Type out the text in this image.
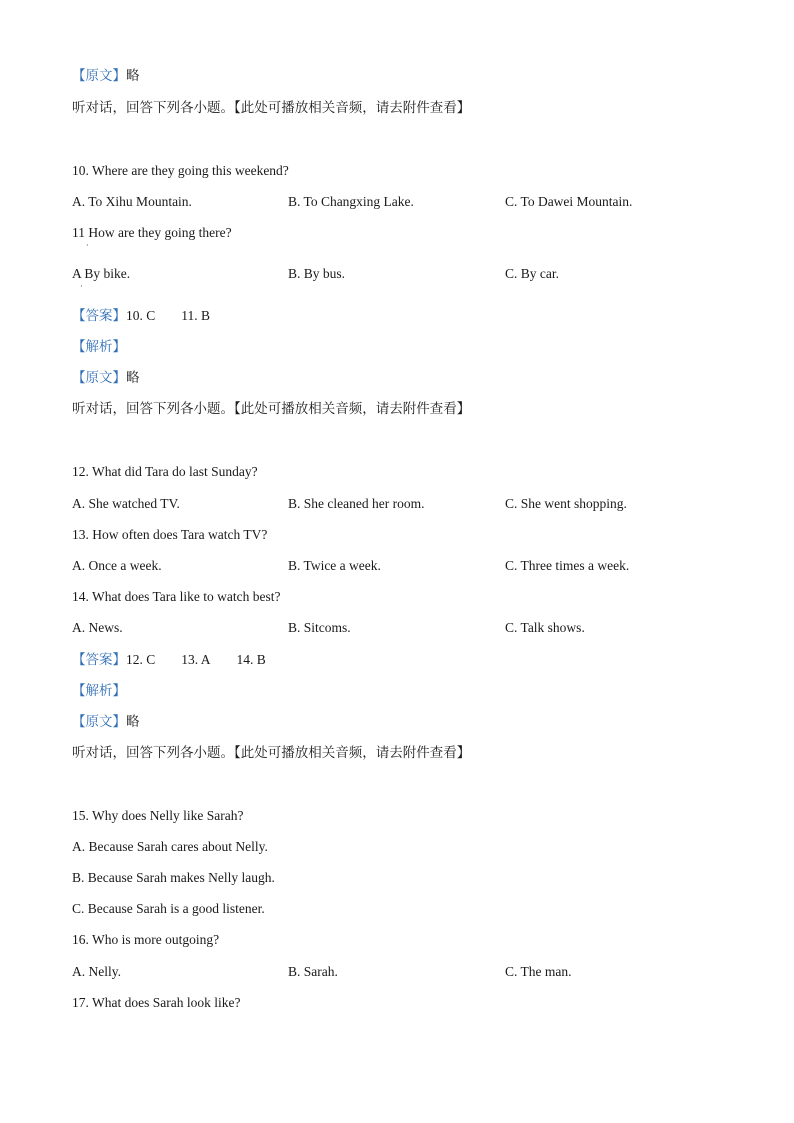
【原文】略
听对话，回答下列各小题。【此处可播放相关音频，请去附件查看】
10. Where are they going this weekend?
A. To Xihu Mountain.	B. To Changxing Lake.	C. To Dawei Mountain.
11 How are they going there?
·
A By bike.	B. By bus.	C. By car.
·
【答案】10. C 11. B
【解析】
【原文】略
听对话，回答下列各小题。【此处可播放相关音频，请去附件查看】
12. What did Tara do last Sunday?
A. She watched TV.	B. She cleaned her room.	C. She went shopping.
13. How often does Tara watch TV?
A. Once a week.	B. Twice a week.	C. Three times a week.
14. What does Tara like to watch best?
A. News.	B. Sitcoms.	C. Talk shows.
【答案】12. C 13. A 14. B
【解析】
【原文】略
听对话，回答下列各小题。【此处可播放相关音频，请去附件查看】
15. Why does Nelly like Sarah?
A. Because Sarah cares about Nelly.
B. Because Sarah makes Nelly laugh.
C. Because Sarah is a good listener.
16. Who is more outgoing?
A. Nelly.	B. Sarah.	C. The man.
17. What does Sarah look like?
